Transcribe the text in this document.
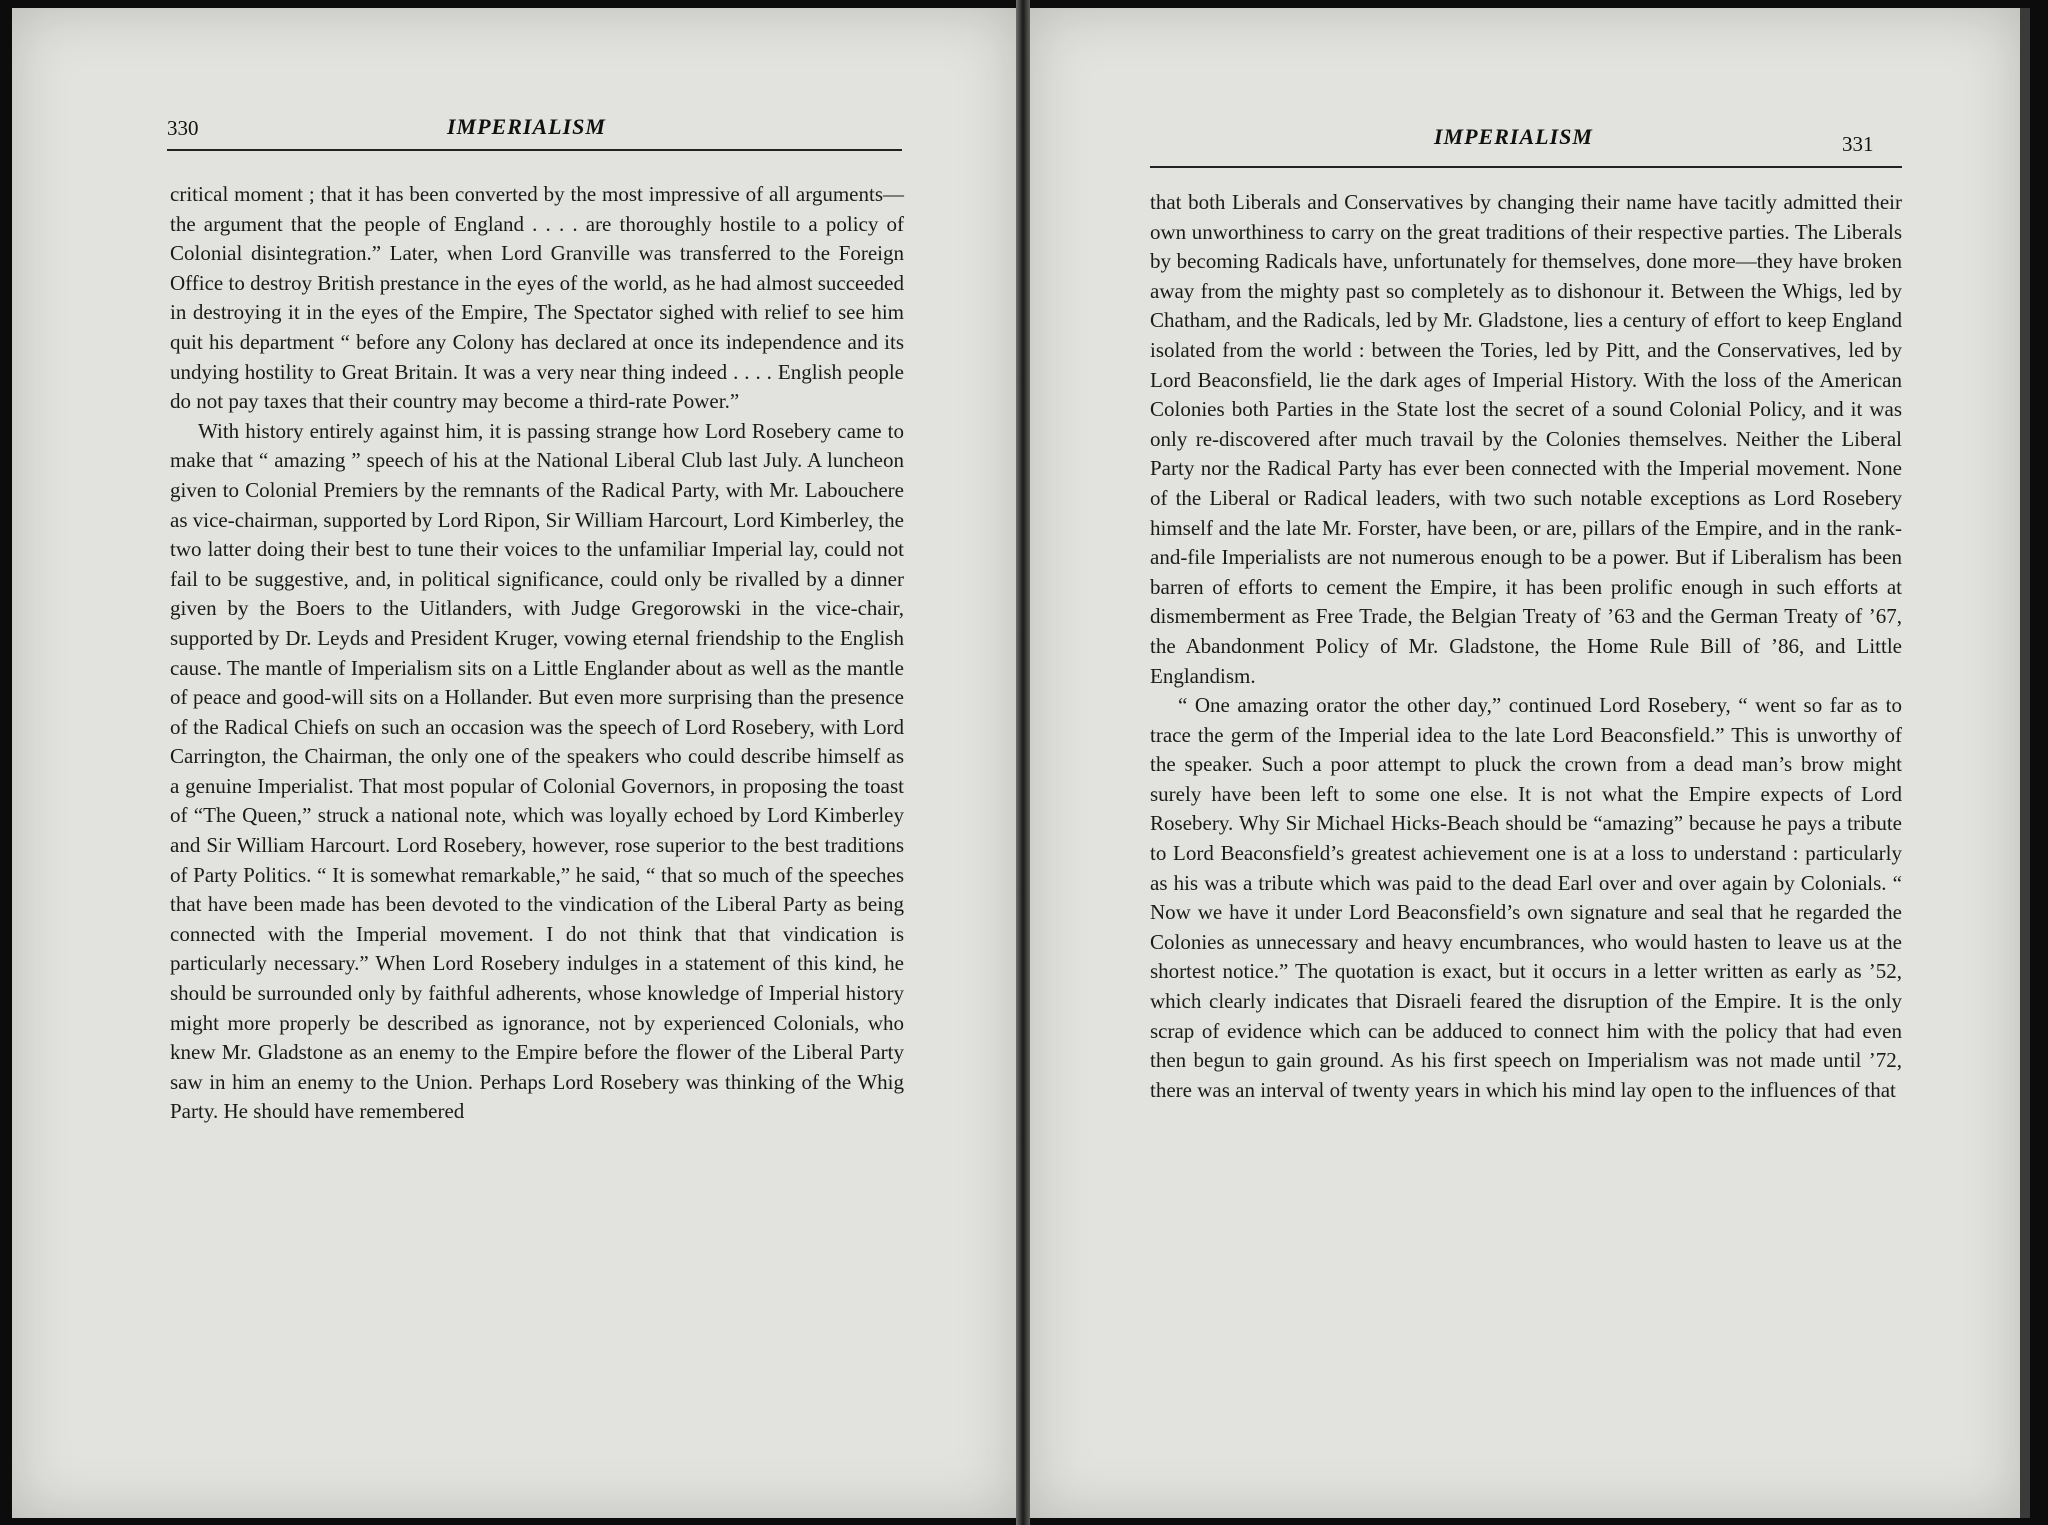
330	IMPERIALISM

critical moment ; that it has been converted by the most impressive of all arguments—the argument that the people of England . . . . are thoroughly hostile to a policy of Colonial disintegration.” Later, when Lord Granville was transferred to the Foreign Office to destroy British prestance in the eyes of the world, as he had almost succeeded in destroying it in the eyes of the Empire, The Spectator sighed with relief to see him quit his department “ before any Colony has declared at once its independence and its undying hostility to Great Britain. It was a very near thing indeed . . . . English people do not pay taxes that their country may become a third-rate Power.”

With history entirely against him, it is passing strange how Lord Rosebery came to make that “ amazing ” speech of his at the National Liberal Club last July. A luncheon given to Colonial Premiers by the remnants of the Radical Party, with Mr. Labouchere as vice-chairman, supported by Lord Ripon, Sir William Harcourt, Lord Kimberley, the two latter doing their best to tune their voices to the unfamiliar Imperial lay, could not fail to be suggestive, and, in political significance, could only be rivalled by a dinner given by the Boers to the Uitlanders, with Judge Gregorowski in the vice-chair, supported by Dr. Leyds and President Kruger, vowing eternal friendship to the English cause. The mantle of Imperialism sits on a Little Englander about as well as the mantle of peace and good-will sits on a Hollander. But even more surprising than the presence of the Radical Chiefs on such an occasion was the speech of Lord Rosebery, with Lord Carrington, the Chairman, the only one of the speakers who could describe himself as a genuine Imperialist. That most popular of Colonial Governors, in proposing the toast of “The Queen,” struck a national note, which was loyally echoed by Lord Kimberley and Sir William Harcourt. Lord Rosebery, however, rose superior to the best traditions of Party Politics. “ It is somewhat remarkable,” he said, “ that so much of the speeches that have been made has been devoted to the vindication of the Liberal Party as being connected with the Imperial movement. I do not think that that vindication is particularly necessary.” When Lord Rosebery indulges in a statement of this kind, he should be surrounded only by faithful adherents, whose knowledge of Imperial history might more properly be described as ignorance, not by experienced Colonials, who knew Mr. Gladstone as an enemy to the Empire before the flower of the Liberal Party saw in him an enemy to the Union. Perhaps Lord Rosebery was thinking of the Whig Party. He should have remembered

IMPERIALISM	331

that both Liberals and Conservatives by changing their name have tacitly admitted their own unworthiness to carry on the great traditions of their respective parties. The Liberals by becoming Radicals have, unfortunately for themselves, done more—they have broken away from the mighty past so completely as to dishonour it. Between the Whigs, led by Chatham, and the Radicals, led by Mr. Gladstone, lies a century of effort to keep England isolated from the world : between the Tories, led by Pitt, and the Conservatives, led by Lord Beaconsfield, lie the dark ages of Imperial History. With the loss of the American Colonies both Parties in the State lost the secret of a sound Colonial Policy, and it was only re-discovered after much travail by the Colonies themselves. Neither the Liberal Party nor the Radical Party has ever been connected with the Imperial movement. None of the Liberal or Radical leaders, with two such notable exceptions as Lord Rosebery himself and the late Mr. Forster, have been, or are, pillars of the Empire, and in the rank-and-file Imperialists are not numerous enough to be a power. But if Liberalism has been barren of efforts to cement the Empire, it has been prolific enough in such efforts at dismemberment as Free Trade, the Belgian Treaty of ’63 and the German Treaty of ’67, the Abandonment Policy of Mr. Gladstone, the Home Rule Bill of ’86, and Little Englandism.

“ One amazing orator the other day,” continued Lord Rosebery, “ went so far as to trace the germ of the Imperial idea to the late Lord Beaconsfield.” This is unworthy of the speaker. Such a poor attempt to pluck the crown from a dead man’s brow might surely have been left to some one else. It is not what the Empire expects of Lord Rosebery. Why Sir Michael Hicks-Beach should be “amazing” because he pays a tribute to Lord Beaconsfield’s greatest achievement one is at a loss to understand : particularly as his was a tribute which was paid to the dead Earl over and over again by Colonials. “ Now we have it under Lord Beaconsfield’s own signature and seal that he regarded the Colonies as unnecessary and heavy encumbrances, who would hasten to leave us at the shortest notice.” The quotation is exact, but it occurs in a letter written as early as ’52, which clearly indicates that Disraeli feared the disruption of the Empire. It is the only scrap of evidence which can be adduced to connect him with the policy that had even then begun to gain ground. As his first speech on Imperialism was not made until ’72, there was an interval of twenty years in which his mind lay open to the influences of that
